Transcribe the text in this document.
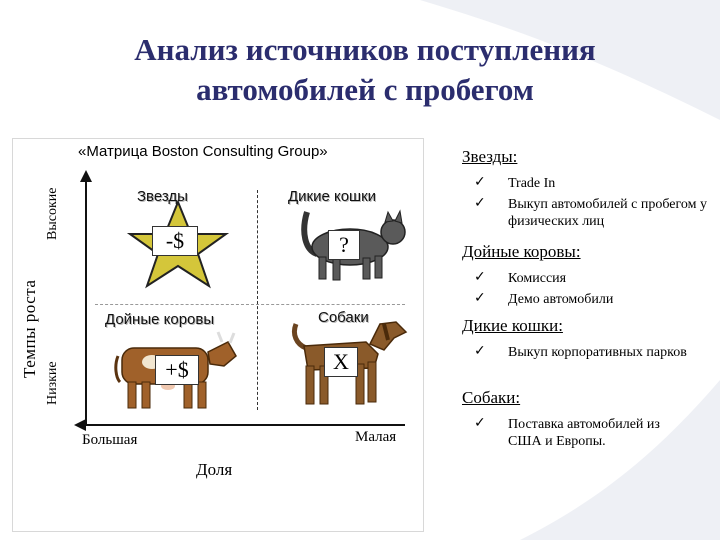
Анализ источников поступления
автомобилей с пробегом
«Матрица Boston Consulting Group»
Темпы роста
Высокие
Низкие
Звезды	Дикие кошки
Дойные коровы	Собаки
-$	?
+$	X
Большая	Малая
Доля
Звезды:
✓ Trade In
✓ Выкуп автомобилей с пробегом у физических лиц
Дойные коровы:
✓ Комиссия
✓ Демо автомобили
Дикие кошки:
✓ Выкуп корпоративных парков
Собаки:
✓ Поставка автомобилей из США и Европы.
